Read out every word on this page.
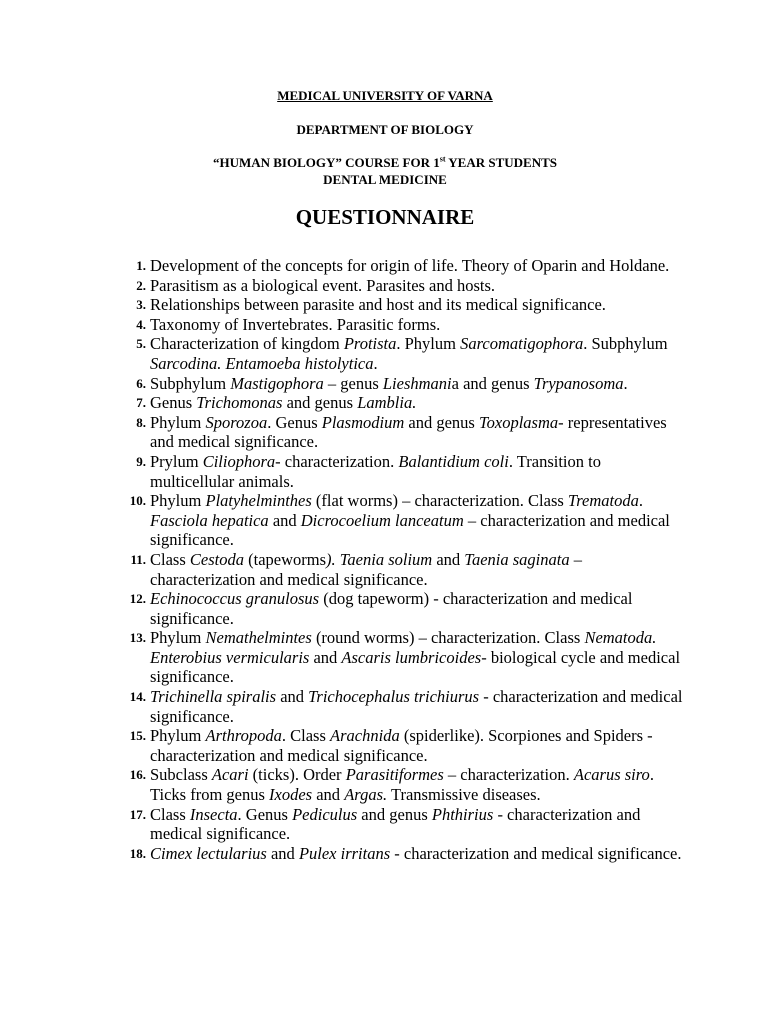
MEDICAL UNIVERSITY OF VARNA
DEPARTMENT OF BIOLOGY
“HUMAN BIOLOGY” COURSE FOR 1st YEAR STUDENTS
DENTAL MEDICINE
QUESTIONNAIRE
1. Development of the concepts for origin of life. Theory of Oparin and Holdane.
2. Parasitism as a biological event. Parasites and hosts.
3. Relationships between parasite and host and its medical significance.
4. Taxonomy of Invertebrates. Parasitic forms.
5. Characterization of kingdom Protista. Phylum Sarcomatigophora. Subphylum Sarcodina. Entamoeba histolytica.
6. Subphylum Mastigophora – genus Lieshmania and genus Trypanosoma.
7. Genus Trichomonas and genus Lamblia.
8. Phylum Sporozoa. Genus Plasmodium and genus Toxoplasma- representatives and medical significance.
9. Prylum Ciliophora- characterization. Balantidium coli. Transition to multicellular animals.
10. Phylum Platyhelminthes (flat worms) – characterization. Class Trematoda. Fasciola hepatica and Dicrocoelium lanceatum – characterization and medical significance.
11. Class Cestoda (tapeworms). Taenia solium and Taenia saginata – characterization and medical significance.
12. Echinococcus granulosus (dog tapeworm) - characterization and medical significance.
13. Phylum Nemathelmintes (round worms) – characterization. Class Nematoda. Enterobius vermicularis and Ascaris lumbricoides- biological cycle and medical significance.
14. Trichinella spiralis and Trichocephalus trichiurus - characterization and medical significance.
15. Phylum Arthropoda. Class Arachnida (spiderlike). Scorpiones and Spiders - characterization and medical significance.
16. Subclass Acari (ticks). Order Parasitiformes – characterization. Acarus siro. Ticks from genus Ixodes and Argas. Transmissive diseases.
17. Class Insecta. Genus Pediculus and genus Phthirius - characterization and medical significance.
18. Cimex lectularius and Pulex irritans - characterization and medical significance.
